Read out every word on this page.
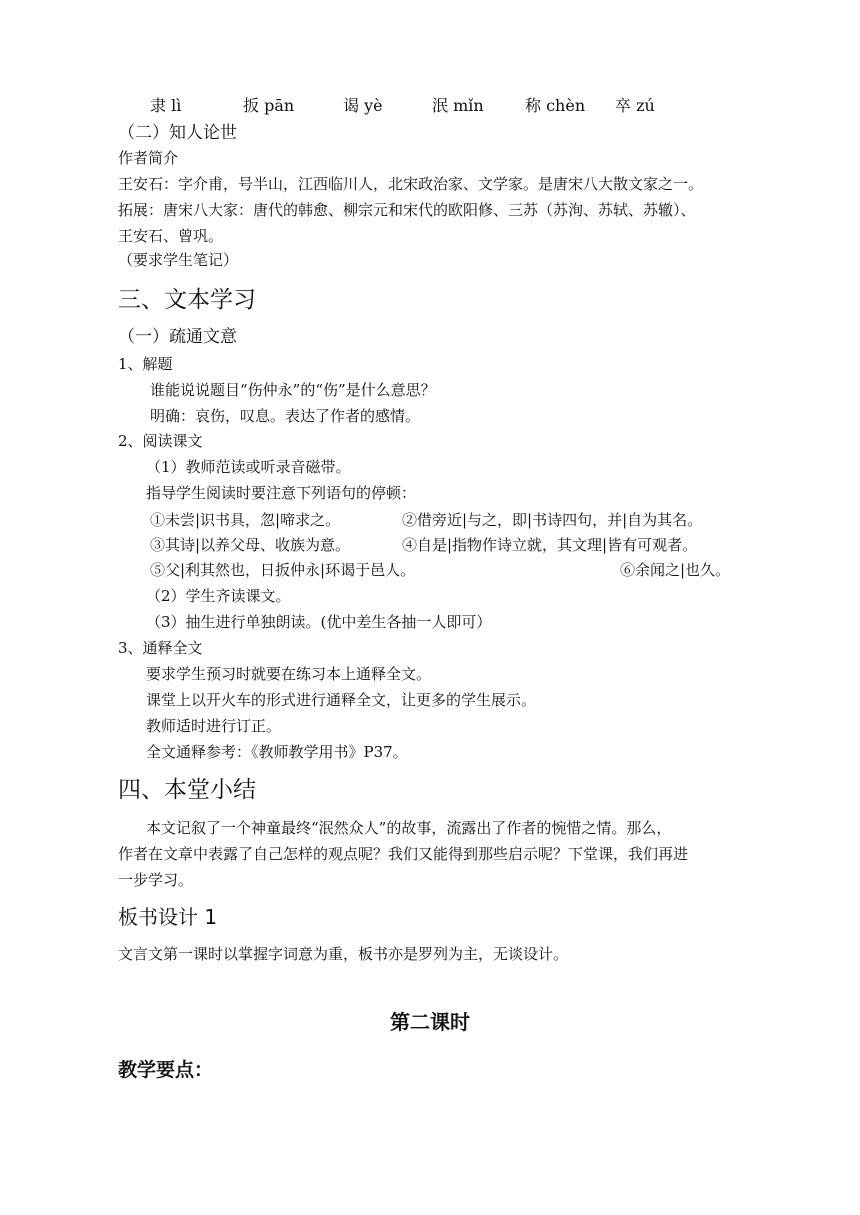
隶 lì	扳 pān	谒 yè	泯 mǐn	称 chèn 卒 zú
（二）知人论世
作者简介
王安石：字介甫，号半山，江西临川人，北宋政治家、文学家。是唐宋八大散文家之一。
拓展：唐宋八大家：唐代的韩愈、柳宗元和宋代的欧阳修、三苏（苏洵、苏轼、苏辙）、
王安石、曾巩。
（要求学生笔记）
三、文本学习
（一）疏通文意
1、解题
谁能说说题目“伤仲永”的“伤”是什么意思？
明确：哀伤，叹息。表达了作者的感情。
2、阅读课文
（1）教师范读或听录音磁带。
指导学生阅读时要注意下列语句的停顿：
①未尝|识书具，忽|啼求之。	②借旁近|与之，即|书诗四句，并|自为其名。
③其诗|以养父母、收族为意。	④自是|指物作诗立就，其文理|皆有可观者。
⑤父|利其然也，日扳仲永|环谒于邑人。	⑥余闻之|也久。
（2）学生齐读课文。
（3）抽生进行单独朗读。(优中差生各抽一人即可）
3、通释全文
要求学生预习时就要在练习本上通释全文。
课堂上以开火车的形式进行通释全文，让更多的学生展示。
教师适时进行订正。
全文通释参考：《教师教学用书》P37。
四、本堂小结
本文记叙了一个神童最终“泯然众人”的故事，流露出了作者的惋惜之情。那么，
作者在文章中表露了自己怎样的观点呢？我们又能得到那些启示呢？下堂课，我们再进
一步学习。
板书设计 1
文言文第一课时以掌握字词意为重，板书亦是罗列为主，无谈设计。
第二课时
教学要点：
